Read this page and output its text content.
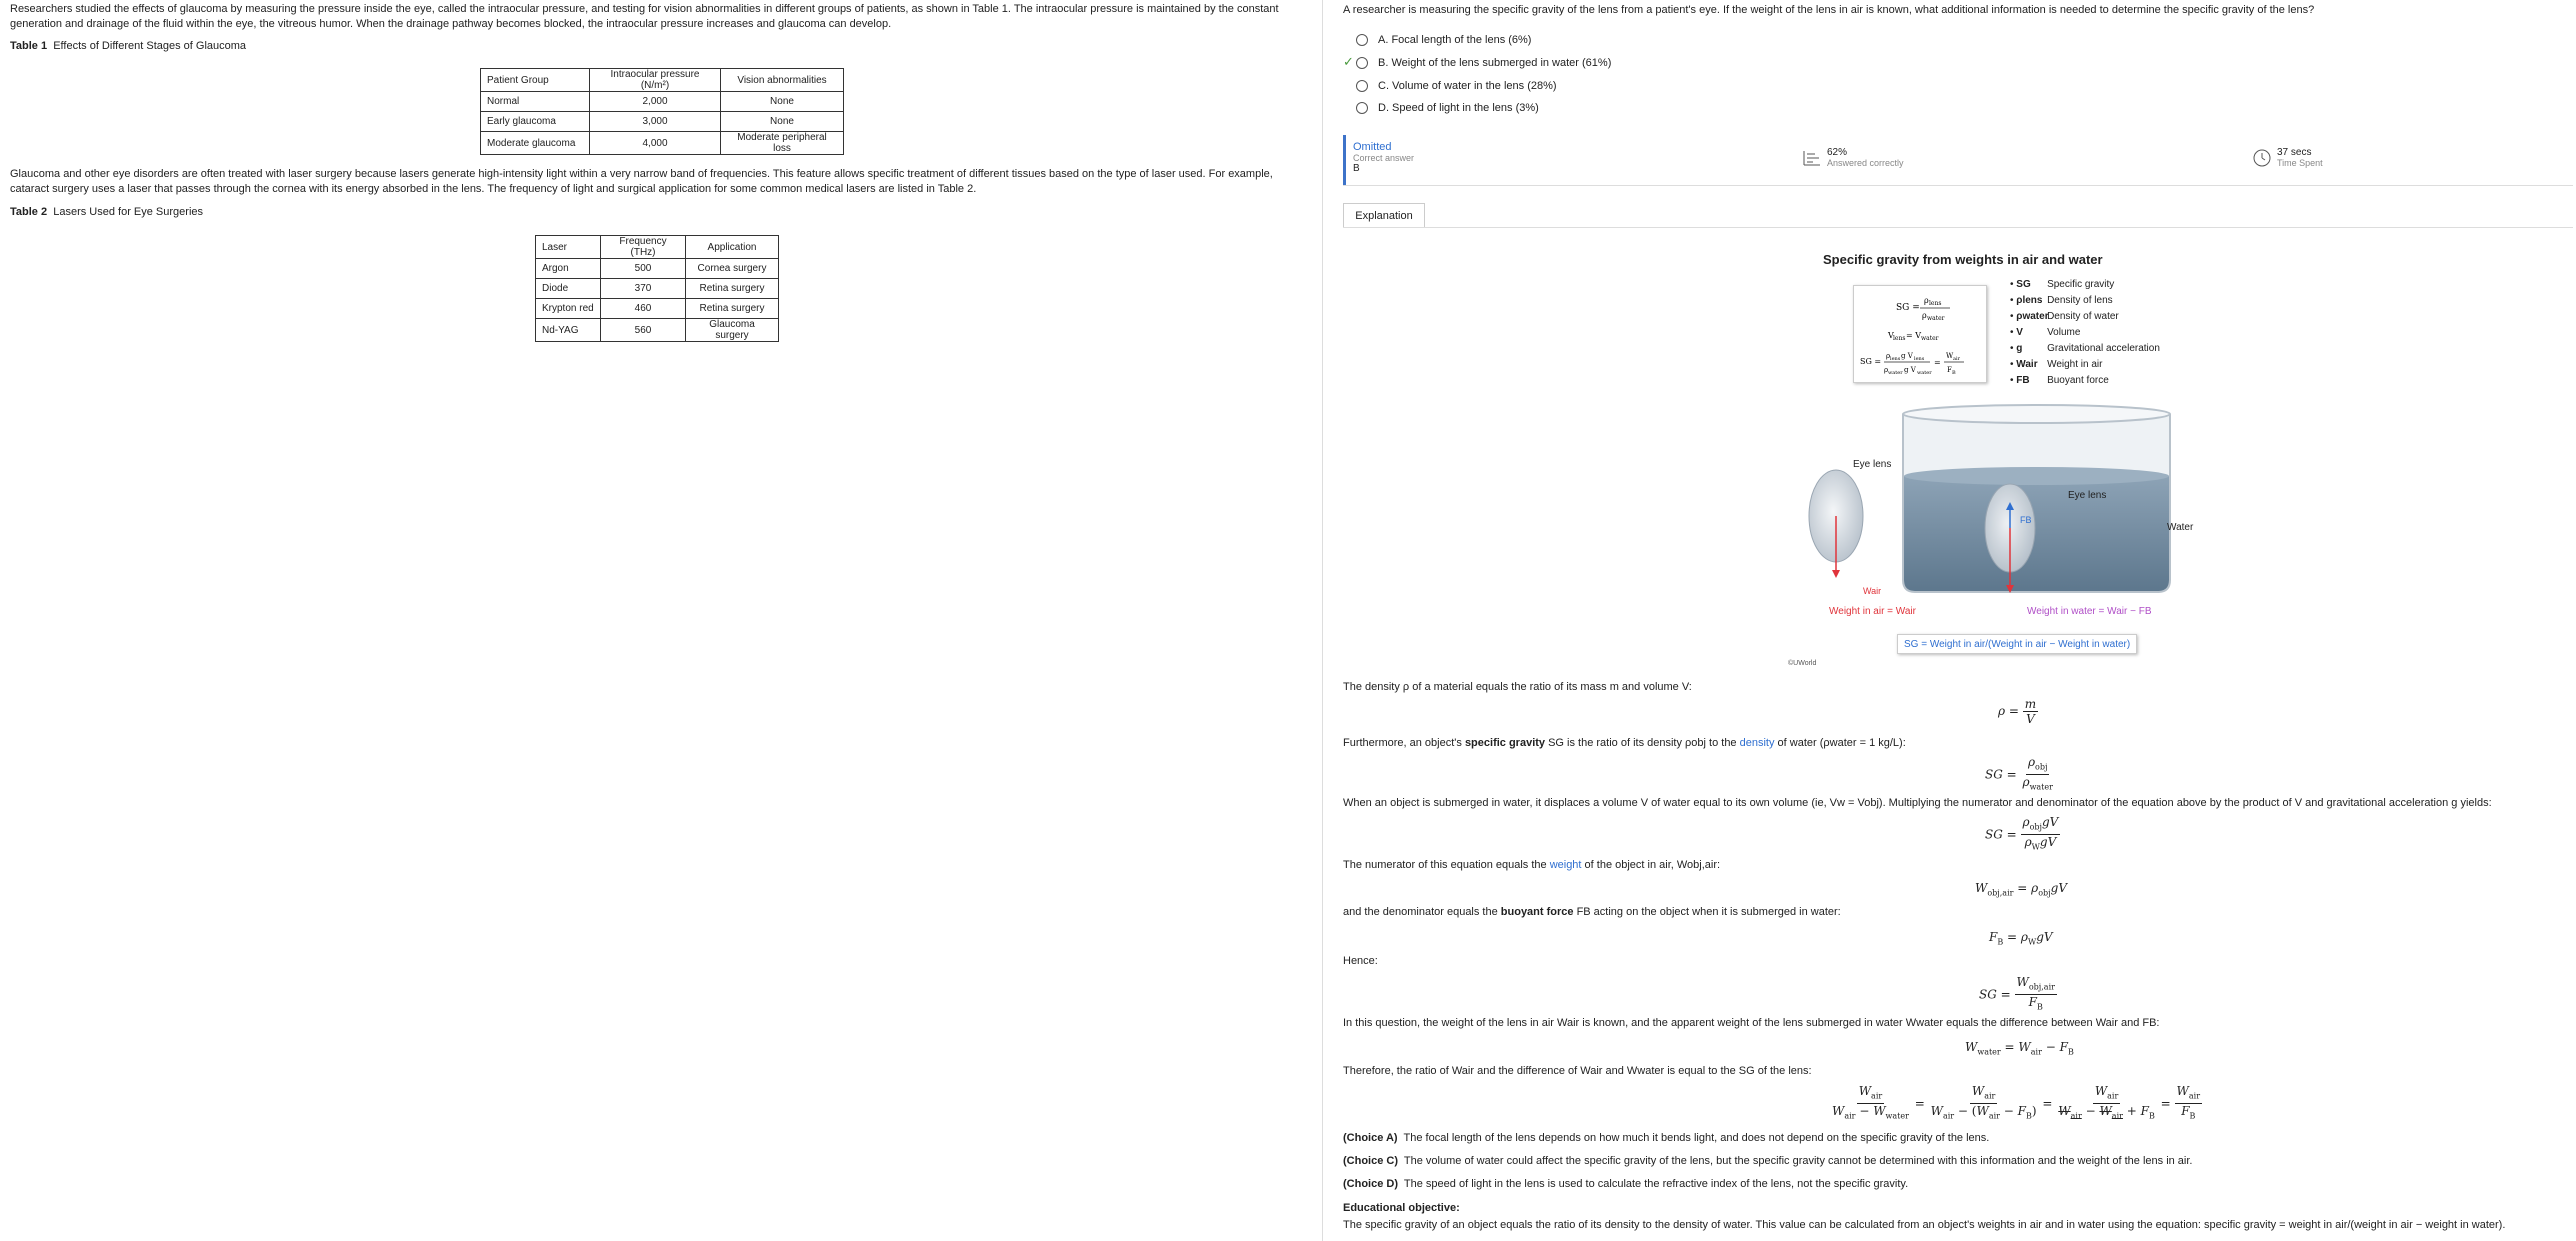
Researchers studied the effects of glaucoma by measuring the pressure inside the eye, called the intraocular pressure, and testing for vision abnormalities in different groups of patients, as shown in Table 1. The intraocular pressure is maintained by the constant generation and drainage of the fluid within the eye, the vitreous humor. When the drainage pathway becomes blocked, the intraocular pressure increases and glaucoma can develop.

Table 1 Effects of Different Stages of Glaucoma
Patient Group	Intraocular pressure (N/m²)	Vision abnormalities
Normal	2,000	None
Early glaucoma	3,000	None
Moderate glaucoma	4,000	Moderate peripheral loss

Glaucoma and other eye disorders are often treated with laser surgery because lasers generate high-intensity light within a very narrow band of frequencies. This feature allows specific treatment of different tissues based on the type of laser used. For example, cataract surgery uses a laser that passes through the cornea with its energy absorbed in the lens. The frequency of light and surgical application for some common medical lasers are listed in Table 2.

Table 2 Lasers Used for Eye Surgeries
Laser	Frequency (THz)	Application
Argon	500	Cornea surgery
Diode	370	Retina surgery
Krypton red	460	Retina surgery
Nd-YAG	560	Glaucoma surgery

A researcher is measuring the specific gravity of the lens from a patient's eye. If the weight of the lens in air is known, what additional information is needed to determine the specific gravity of the lens?

A. Focal length of the lens (6%)
✓ B. Weight of the lens submerged in water (61%)
C. Volume of water in the lens (28%)
D. Speed of light in the lens (3%)
Omitted
Correct answer
B
62%
Answered correctly
37 secs
Time Spent
Explanation
Specific gravity from weights in air and water
SG =
ρ lens
ρ water
V lens = V water
SG =
ρ lens g V lens
ρ water g V water
=
W air
F B
• SG Specific gravity
• ρlens Density of lens
• ρwater Density of water
• V Volume
• g Gravitational acceleration
• Wair Weight in air
• FB Buoyant force
Eye lens
Eye lens
FB
Water
Wair
Weight in air = Wair	Weight in water = Wair − FB
SG = Weight in air/(Weight in air − Weight in water)
©UWorld
The density ρ of a material equals the ratio of its mass m and volume V:
$\rho = \frac{m}{V}$
Furthermore, an object's specific gravity SG is the ratio of its density ρobj to the density of water (ρwater = 1 kg/L):
SG = $\frac{\rho_{obj}}{\rho_{water}}$
When an object is submerged in water, it displaces a volume V of water equal to its own volume (ie, Vw = Vobj). Multiplying the numerator and denominator of the equation above by the product of V and gravitational acceleration g yields:
SG = $\frac{\rho_{obj}gV}{\rho_WgV}$
The numerator of this equation equals the weight of the object in air, Wobj,air:
$W_{obj,air} = \rho_{obj}gV$
and the denominator equals the buoyant force FB acting on the object when it is submerged in water:
$F_B = \rho_WgV$
Hence:
SG = $\frac{W_{obj,air}}{F_B}$
In this question, the weight of the lens in air Wair is known, and the apparent weight of the lens submerged in water Wwater equals the difference between Wair and FB:
$W_{water} = W_{air} - F_B$
Therefore, the ratio of Wair and the difference of Wair and Wwater is equal to the SG of the lens:
$\frac{W_{air}}{W_{air} - W_{water}} = \frac{W_{air}}{W_{air} - (W_{air} - F_B)} = \frac{W_{air}}{W_{air} - W_{air} + F_B} = \frac{W_{air}}{F_B}$
(Choice A) The focal length of the lens depends on how much it bends light, and does not depend on the specific gravity of the lens.
(Choice C) The volume of water could affect the specific gravity of the lens, but the specific gravity cannot be determined with this information and the weight of the lens in air.
(Choice D) The speed of light in the lens is used to calculate the refractive index of the lens, not the specific gravity.
Educational objective:
The specific gravity of an object equals the ratio of its density to the density of water. This value can be calculated from an object's weights in air and in water using the equation: specific gravity = weight in air/(weight in air − weight in water).
